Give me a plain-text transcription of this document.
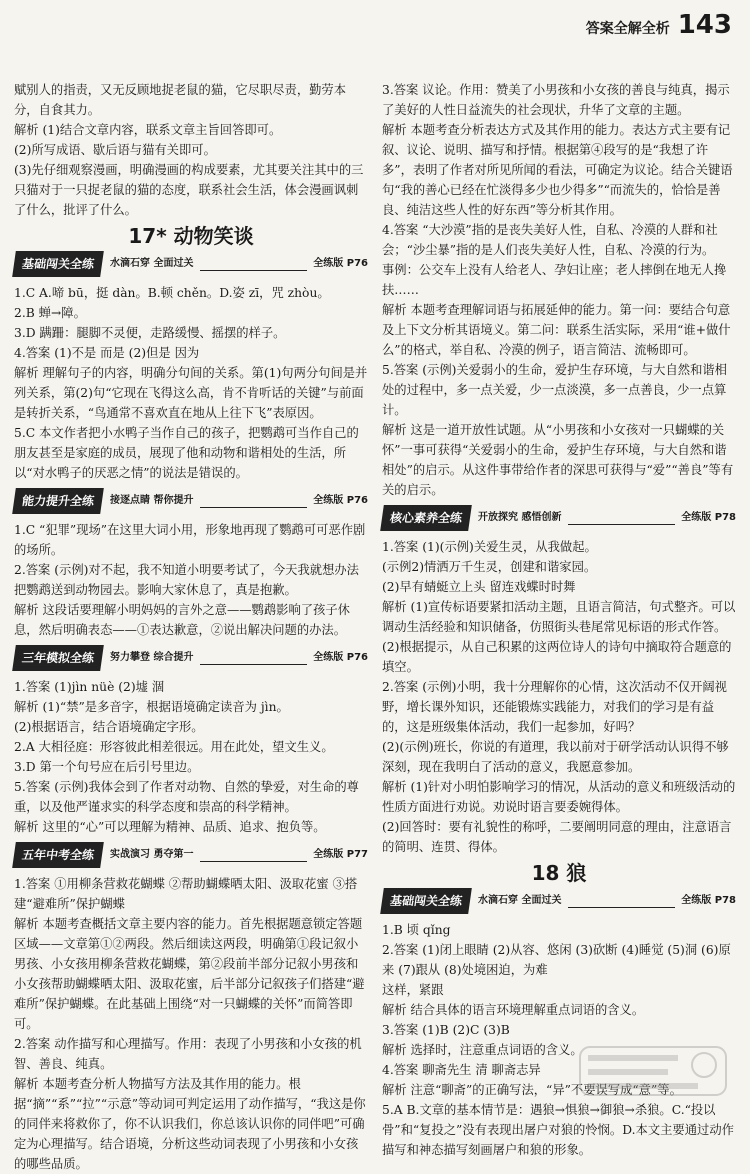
答案全解全析 143

赋别人的指责，又无反顾地捉老鼠的猫，它尽职尽责，勤劳本分，自食其力。

解析 (1)结合文章内容，联系文章主旨回答即可。

(2)所写成语、歇后语与猫有关即可。

(3)先仔细观察漫画，明确漫画的构成要素，尤其要关注其中的三只猫对于一只捉老鼠的猫的态度，联系社会生活，体会漫画讽刺了什么，批评了什么。

17* 动物笑谈
基础闯关全练	水滴石穿 全面过关	全练版 P76

1.C A.啼 bū，挺 dàn。B.顿 chěn。D.姿 zī，咒 zhòu。

2.B 蝉→障。

3.D 蹒跚：腿脚不灵便，走路缓慢、摇摆的样子。

4.答案 (1)不是 而是 (2)但是 因为

解析 理解句子的内容，明确分句间的关系。第(1)句两分句间是并列关系，第(2)句“它现在飞得这么高，肯不肯听话的关键”与前面是转折关系，“鸟通常不喜欢直在地从上往下飞”表原因。

5.C 本文作者把小水鸭子当作自己的孩子，把鹦鹉可当作自己的朋友甚至是家庭的成员，展现了他和动物和谐相处的生活，所以“对水鸭子的厌恶之情”的说法是错误的。

能力提升全练	接逐点睛 帮你提升	全练版 P76

1.C “犯罪”现场”在这里大词小用，形象地再现了鹦鹉可可恶作剧的场所。

2.答案 (示例)对不起，我不知道小明要考试了，今天我就想办法把鹦鹉送到动物园去。影响大家休息了，真是抱歉。

解析 这段话要理解小明妈妈的言外之意——鹦鹉影响了孩子休息，然后明确表态——①表达歉意，②说出解决问题的办法。

三年模拟全练	努力攀登 综合提升	全练版 P76

1.答案 (1)jìn nüè (2)墟 涸

解析 (1)“禁”是多音字，根据语境确定读音为 jìn。

(2)根据语言，结合语境确定字形。

2.A 大相径庭：形容彼此相差很远。用在此处，望文生义。

3.D 第一个句号应在后引号里边。

5.答案 (示例)我体会到了作者对动物、自然的挚爱，对生命的尊重，以及他严谨求实的科学态度和崇高的科学精神。

解析 这里的“心”可以理解为精神、品质、追求、抱负等。

五年中考全练	实战演习 勇夺第一	全练版 P77

1.答案 ①用柳条营救花蝴蝶 ②帮助蝴蝶晒太阳、汲取花蜜 ③搭建“避难所”保护蝴蝶

解析 本题考查概括文章主要内容的能力。首先根据题意锁定答题区域——文章第①②两段。然后细读这两段，明确第①段记叙小男孩、小女孩用柳条营救花蝴蝶，第②段前半部分记叙小男孩和小女孩帮助蝴蝶晒太阳、汲取花蜜，后半部分记叙孩子们搭建“避难所”保护蝴蝶。在此基础上围绕“对一只蝴蝶的关怀”而简答即可。

2.答案 动作描写和心理描写。作用：表现了小男孩和小女孩的机智、善良、纯真。

解析 本题考查分析人物描写方法及其作用的能力。根据“摘”“系”“拉”“示意”等动词可判定运用了动作描写，“我这是你的同伴来将救你了，你不认识我们，你总该认识你的同伴吧”可确定为心理描写。结合语境，分析这些动词表现了小男孩和小女孩的哪些品质。

3.答案 议论。作用：赞美了小男孩和小女孩的善良与纯真，揭示了美好的人性日益流失的社会现状，升华了文章的主题。

解析 本题考查分析表达方式及其作用的能力。表达方式主要有记叙、议论、说明、描写和抒情。根据第④段写的是“我想了许多”，表明了作者对所见所闻的看法，可确定为议论。结合关键语句“我的善心已经在忙淡得多少也少得多”“而流失的，恰恰是善良、纯洁这些人性的好东西”等分析其作用。

4.答案 “大沙漠”指的是丧失美好人性，自私、冷漠的人群和社会；“沙尘暴”指的是人们丧失美好人性，自私、冷漠的行为。

事例：公交车上没有人给老人、孕妇让座；老人摔倒在地无人搀扶……

解析 本题考查理解词语与拓展延伸的能力。第一问：要结合句意及上下文分析其语境义。第二问：联系生活实际，采用“谁+做什么”的格式，举自私、冷漠的例子，语言简洁、流畅即可。

5.答案 (示例)关爱弱小的生命，爱护生存环境，与大自然和谐相处的过程中，多一点关爱，少一点淡漠，多一点善良，少一点算计。

解析 这是一道开放性试题。从“小男孩和小女孩对一只蝴蝶的关怀”一事可获得“关爱弱小的生命，爱护生存环境，与大自然和谐相处”的启示。从这件事带给作者的深思可获得与“爱”“善良”等有关的启示。

核心素养全练	开放探究 感悟创新	全练版 P78

1.答案 (1)(示例)关爱生灵，从我做起。

(示例2)情洒万千生灵，创建和谐家园。

(2)早有蜻蜓立上头 留连戏蝶时时舞

解析 (1)宣传标语要紧扣活动主题，且语言简洁，句式整齐。可以调动生活经验和知识储备，仿照街头巷尾常见标语的形式作答。

(2)根据提示，从自己积累的这两位诗人的诗句中摘取符合题意的填空。

2.答案 (示例)小明，我十分理解你的心情，这次活动不仅开阔视野，增长课外知识，还能锻炼实践能力，对我们的学习是有益的，这是班级集体活动，我们一起参加，好吗？

(2)(示例)班长，你说的有道理，我以前对于研学活动认识得不够深刻，现在我明白了活动的意义，我愿意参加。

解析 (1)针对小明怕影响学习的情况，从活动的意义和班级活动的性质方面进行劝说。劝说时语言要委婉得体。

(2)回答时：要有礼貌性的称呼，二要阐明同意的理由，注意语言的简明、连贯、得体。

18 狼
基础闯关全练	水滴石穿 全面过关	全练版 P78

1.B 顷 qǐng

2.答案 (1)闭上眼睛 (2)从容、悠闲 (3)砍断 (4)睡觉 (5)洞 (6)原来 (7)跟从 (8)处境困迫，为难

这样，紧跟

解析 结合具体的语言环境理解重点词语的含义。

3.答案 (1)B (2)C (3)B

解析 选择时，注意重点词语的含义。

4.答案 聊斋先生 清 聊斋志异

解析 注意“聊斋”的正确写法，“异”不要误写成“意”等。

5.A B.文章的基本情节是：遇狼→惧狼→御狼→杀狼。C.“投以骨”和“复投之”没有表现出屠户对狼的怜悯。D.本文主要通过动作描写和神态描写刻画屠户和狼的形象。
